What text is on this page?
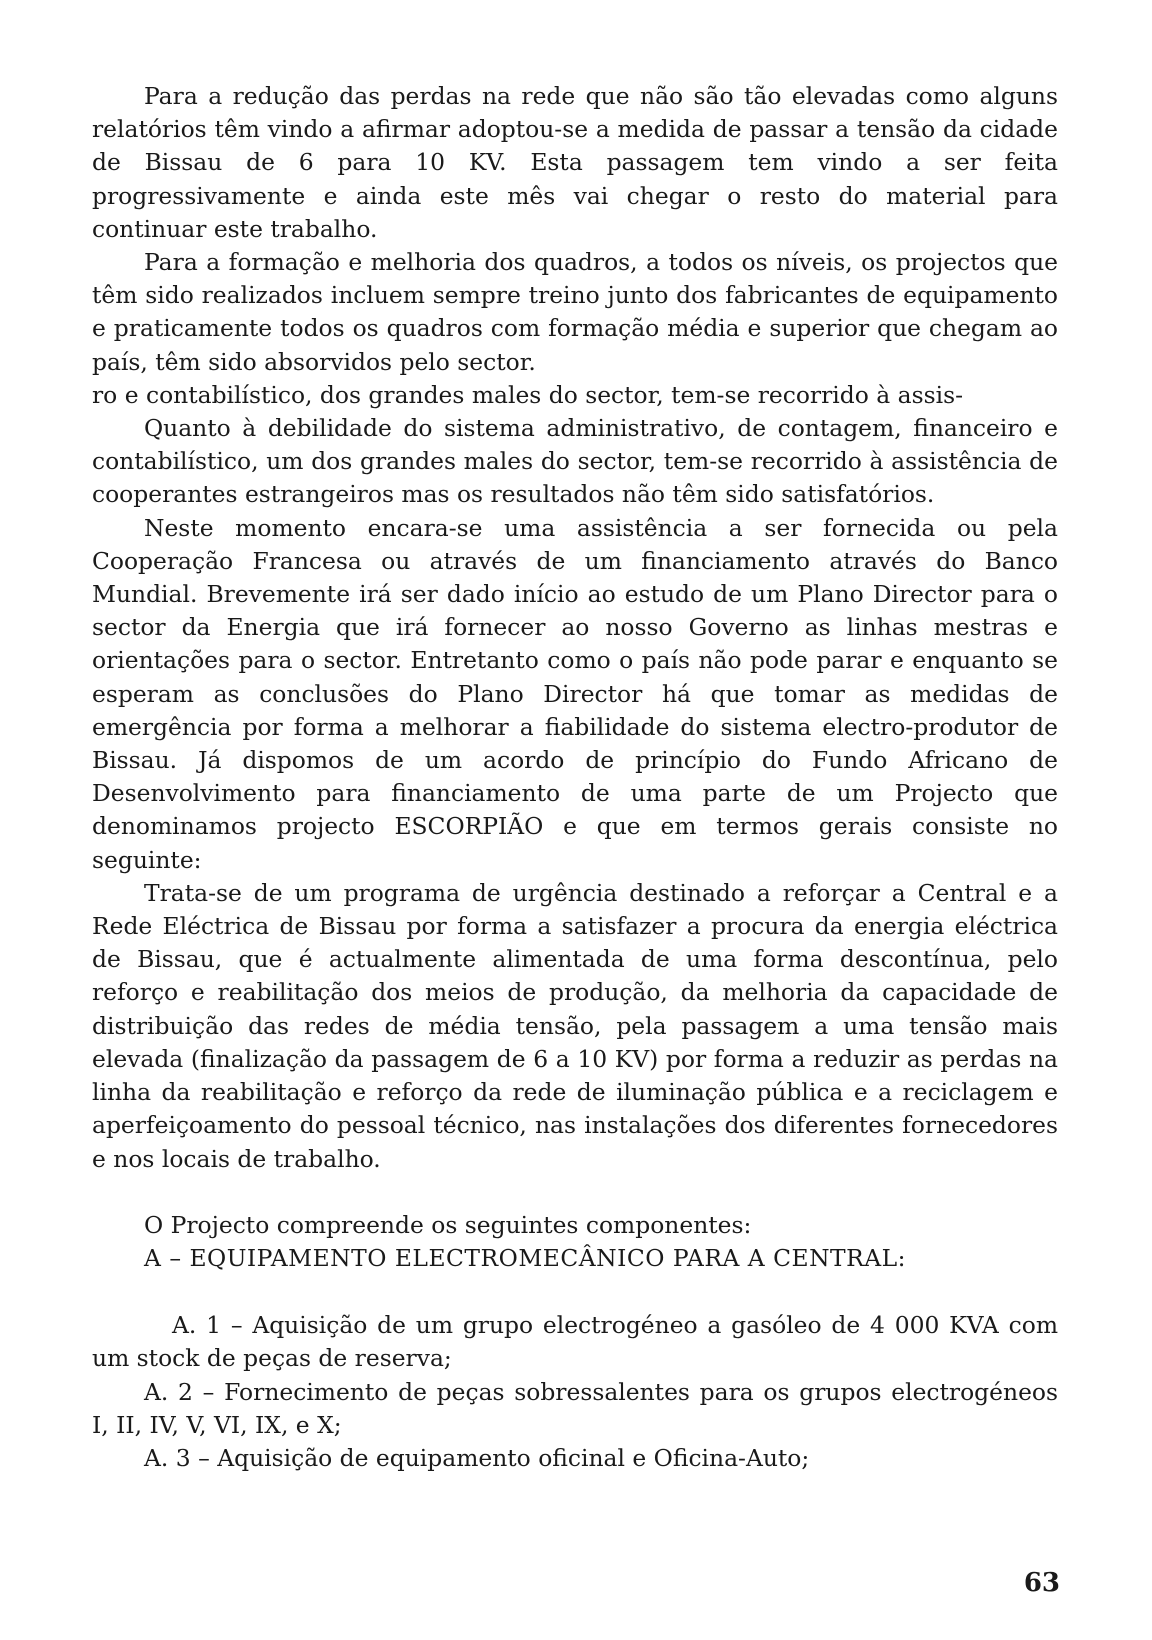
Para a redução das perdas na rede que não são tão elevadas como alguns relatórios têm vindo a afirmar adoptou-se a medida de passar a tensão da cidade de Bissau de 6 para 10 KV. Esta passagem tem vindo a ser feita progressivamente e ainda este mês vai chegar o resto do material para continuar este trabalho.

Para a formação e melhoria dos quadros, a todos os níveis, os projectos que têm sido realizados incluem sempre treino junto dos fabricantes de equipamento e praticamente todos os quadros com formação média e superior que chegam ao país, têm sido absorvidos pelo sector.

ro e contabilístico, dos grandes males do sector, tem-se recorrido à assis-

Quanto à debilidade do sistema administrativo, de contagem, financeiro e contabilístico, um dos grandes males do sector, tem-se recorrido à assistência de cooperantes estrangeiros mas os resultados não têm sido satisfatórios.

Neste momento encara-se uma assistência a ser fornecida ou pela Cooperação Francesa ou através de um financiamento através do Banco Mundial. Brevemente irá ser dado início ao estudo de um Plano Director para o sector da Energia que irá fornecer ao nosso Governo as linhas mestras e orientações para o sector. Entretanto como o país não pode parar e enquanto se esperam as conclusões do Plano Director há que tomar as medidas de emergência por forma a melhorar a fiabilidade do sistema electro-produtor de Bissau. Já dispomos de um acordo de princípio do Fundo Africano de Desenvolvimento para financiamento de uma parte de um Projecto que denominamos projecto ESCORPIÃO e que em termos gerais consiste no seguinte:

Trata-se de um programa de urgência destinado a reforçar a Central e a Rede Eléctrica de Bissau por forma a satisfazer a procura da energia eléctrica de Bissau, que é actualmente alimentada de uma forma descontínua, pelo reforço e reabilitação dos meios de produção, da melhoria da capacidade de distribuição das redes de média tensão, pela passagem a uma tensão mais elevada (finalização da passagem de 6 a 10 KV) por forma a reduzir as perdas na linha da reabilitação e reforço da rede de iluminação pública e a reciclagem e aperfeiçoamento do pessoal técnico, nas instalações dos diferentes fornecedores e nos locais de trabalho.

O Projecto compreende os seguintes componentes:

A – EQUIPAMENTO ELECTROMECÂNICO PARA A CENTRAL:

A. 1 – Aquisição de um grupo electrogéneo a gasóleo de 4 000 KVA com um stock de peças de reserva;

A. 2 – Fornecimento de peças sobressalentes para os grupos electrogéneos I, II, IV, V, VI, IX, e X;

A. 3 – Aquisição de equipamento oficinal e Oficina-Auto;

63
